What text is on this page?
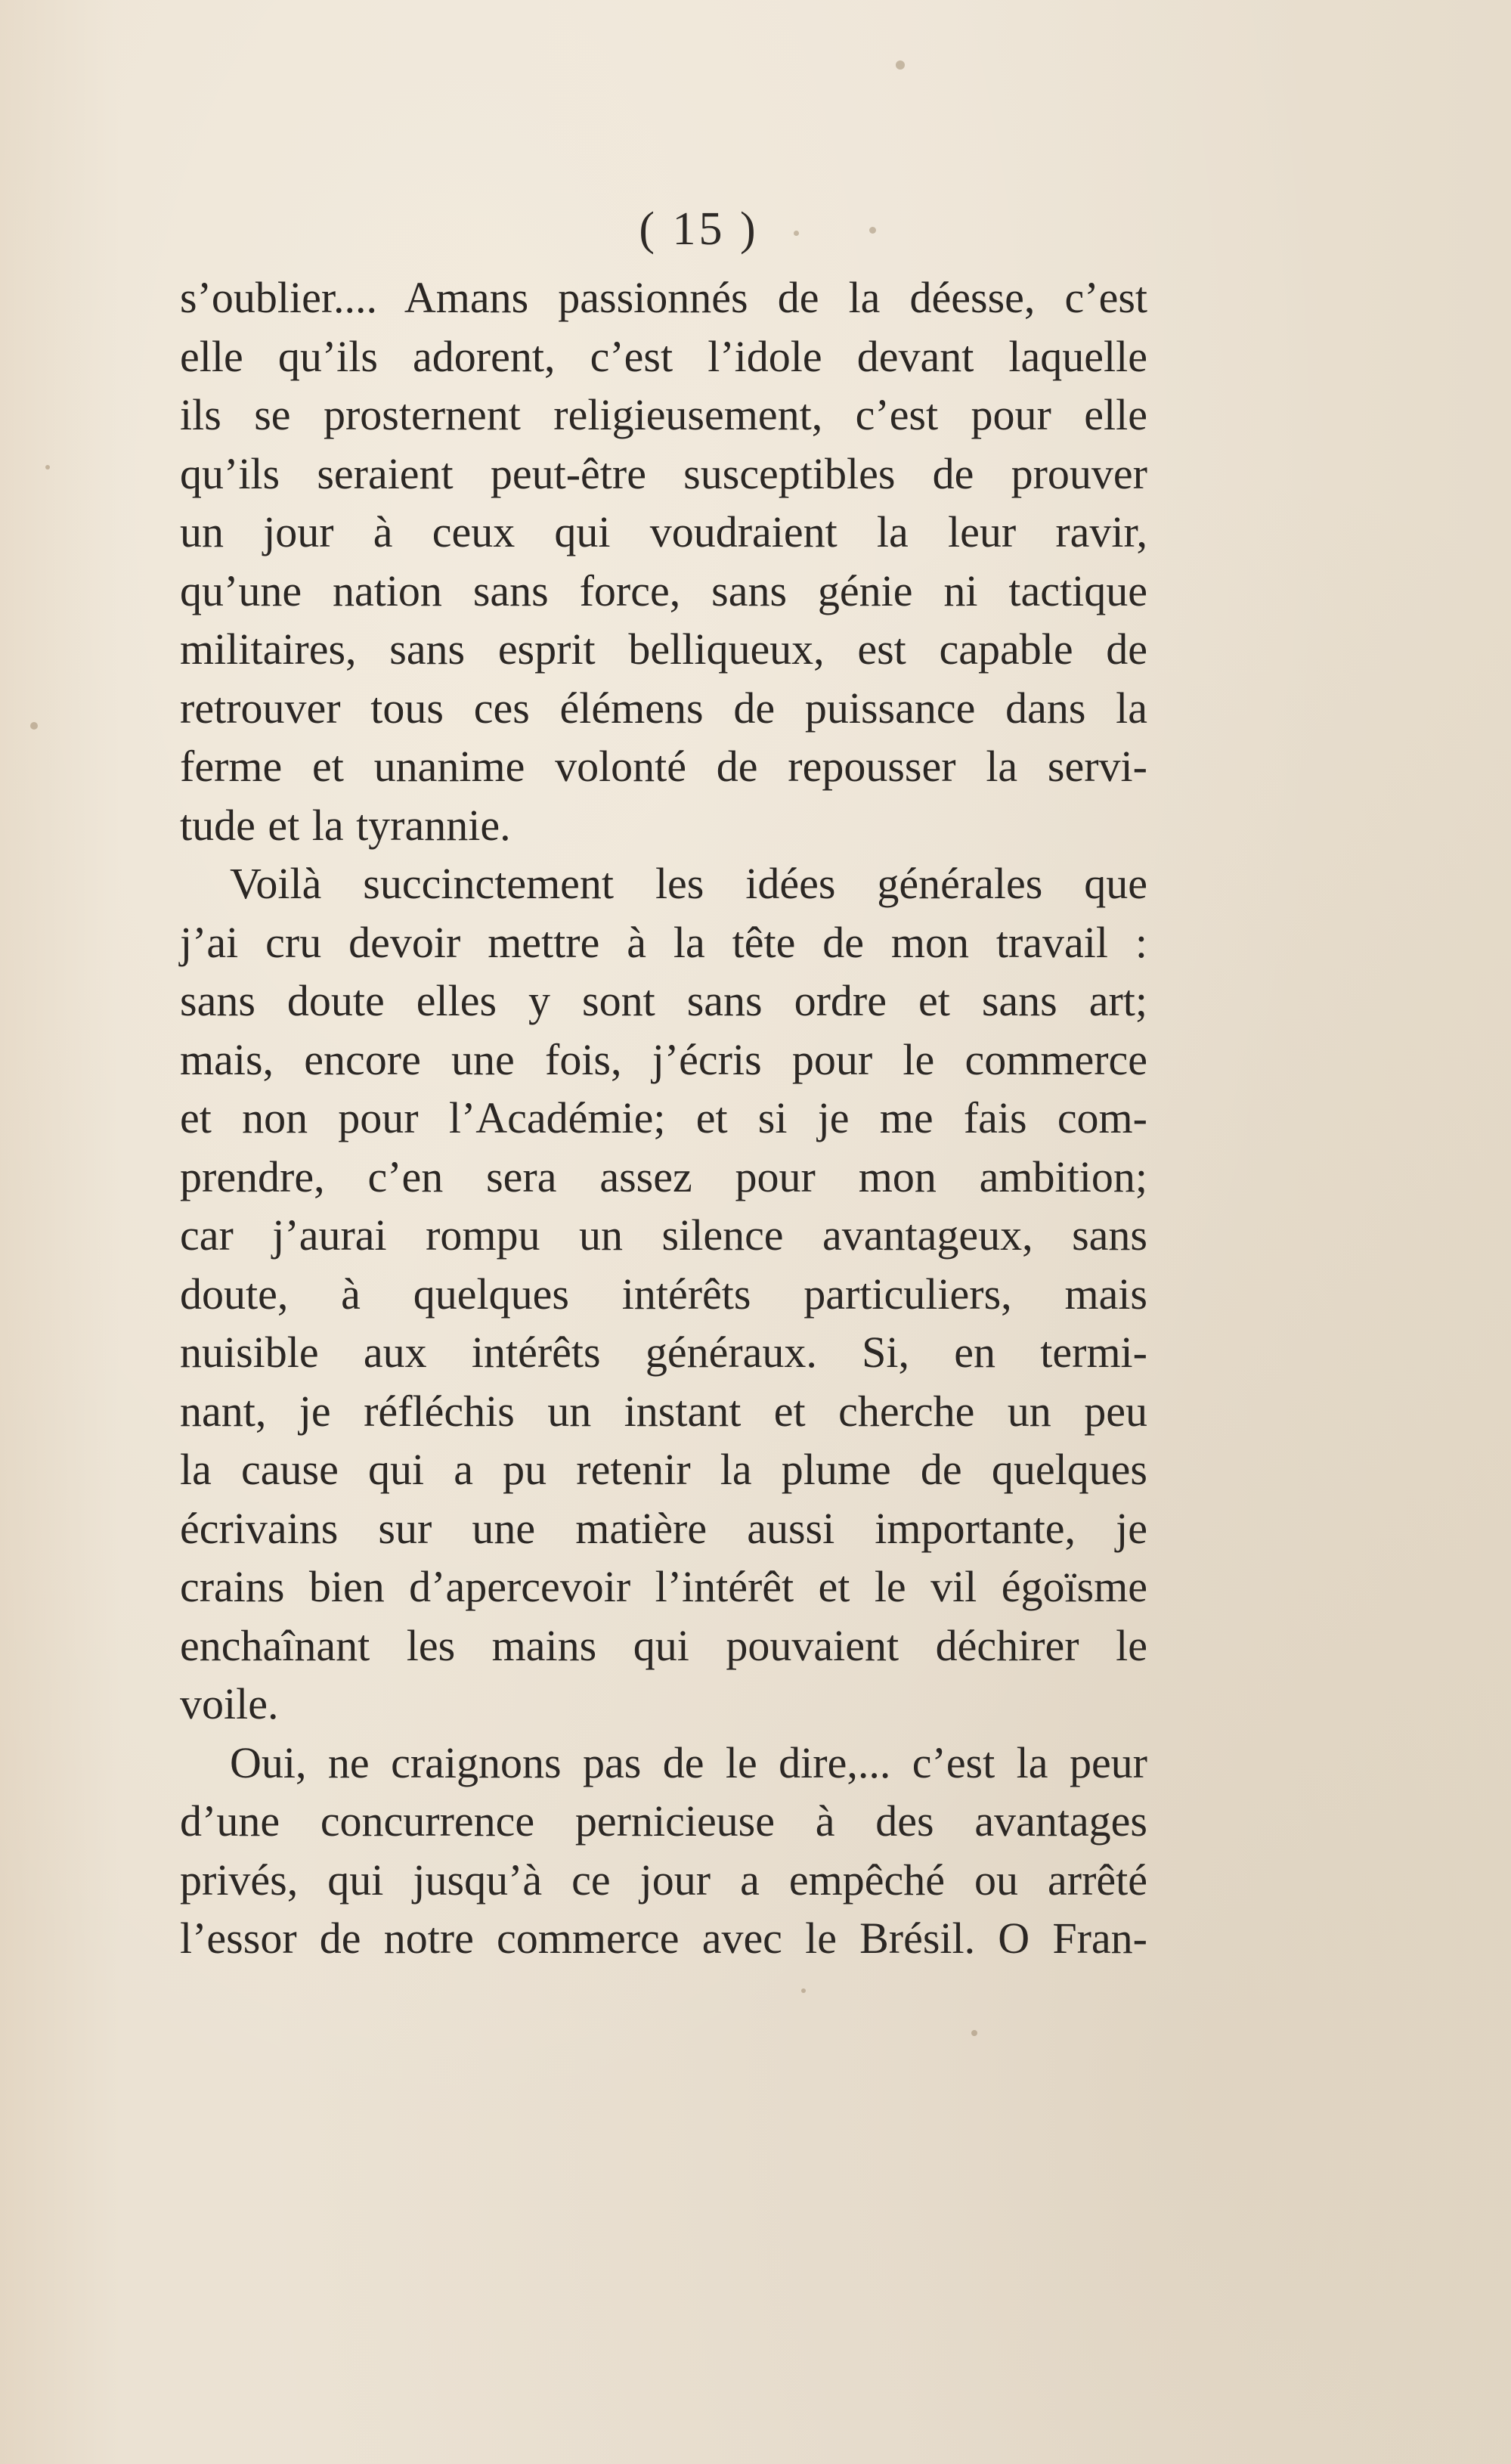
( 15 )
s’oublier.... Amans passionnés de la déesse, c’est
elle qu’ils adorent, c’est l’idole devant laquelle
ils se prosternent religieusement, c’est pour elle
qu’ils seraient peut-être susceptibles de prouver
un jour à ceux qui voudraient la leur ravir,
qu’une nation sans force, sans génie ni tactique
militaires, sans esprit belliqueux, est capable de
retrouver tous ces élémens de puissance dans la
ferme et unanime volonté de repousser la servi-
tude et la tyrannie.
Voilà succinctement les idées générales que
j’ai cru devoir mettre à la tête de mon travail :
sans doute elles y sont sans ordre et sans art;
mais, encore une fois, j’écris pour le commerce
et non pour l’Académie; et si je me fais com-
prendre, c’en sera assez pour mon ambition;
car j’aurai rompu un silence avantageux, sans
doute, à quelques intérêts particuliers, mais
nuisible aux intérêts généraux. Si, en termi-
nant, je réfléchis un instant et cherche un peu
la cause qui a pu retenir la plume de quelques
écrivains sur une matière aussi importante, je
crains bien d’apercevoir l’intérêt et le vil égoïsme
enchaînant les mains qui pouvaient déchirer le
voile.
Oui, ne craignons pas de le dire,... c’est la peur
d’une concurrence pernicieuse à des avantages
privés, qui jusqu’à ce jour a empêché ou arrêté
l’essor de notre commerce avec le Brésil. O Fran-
